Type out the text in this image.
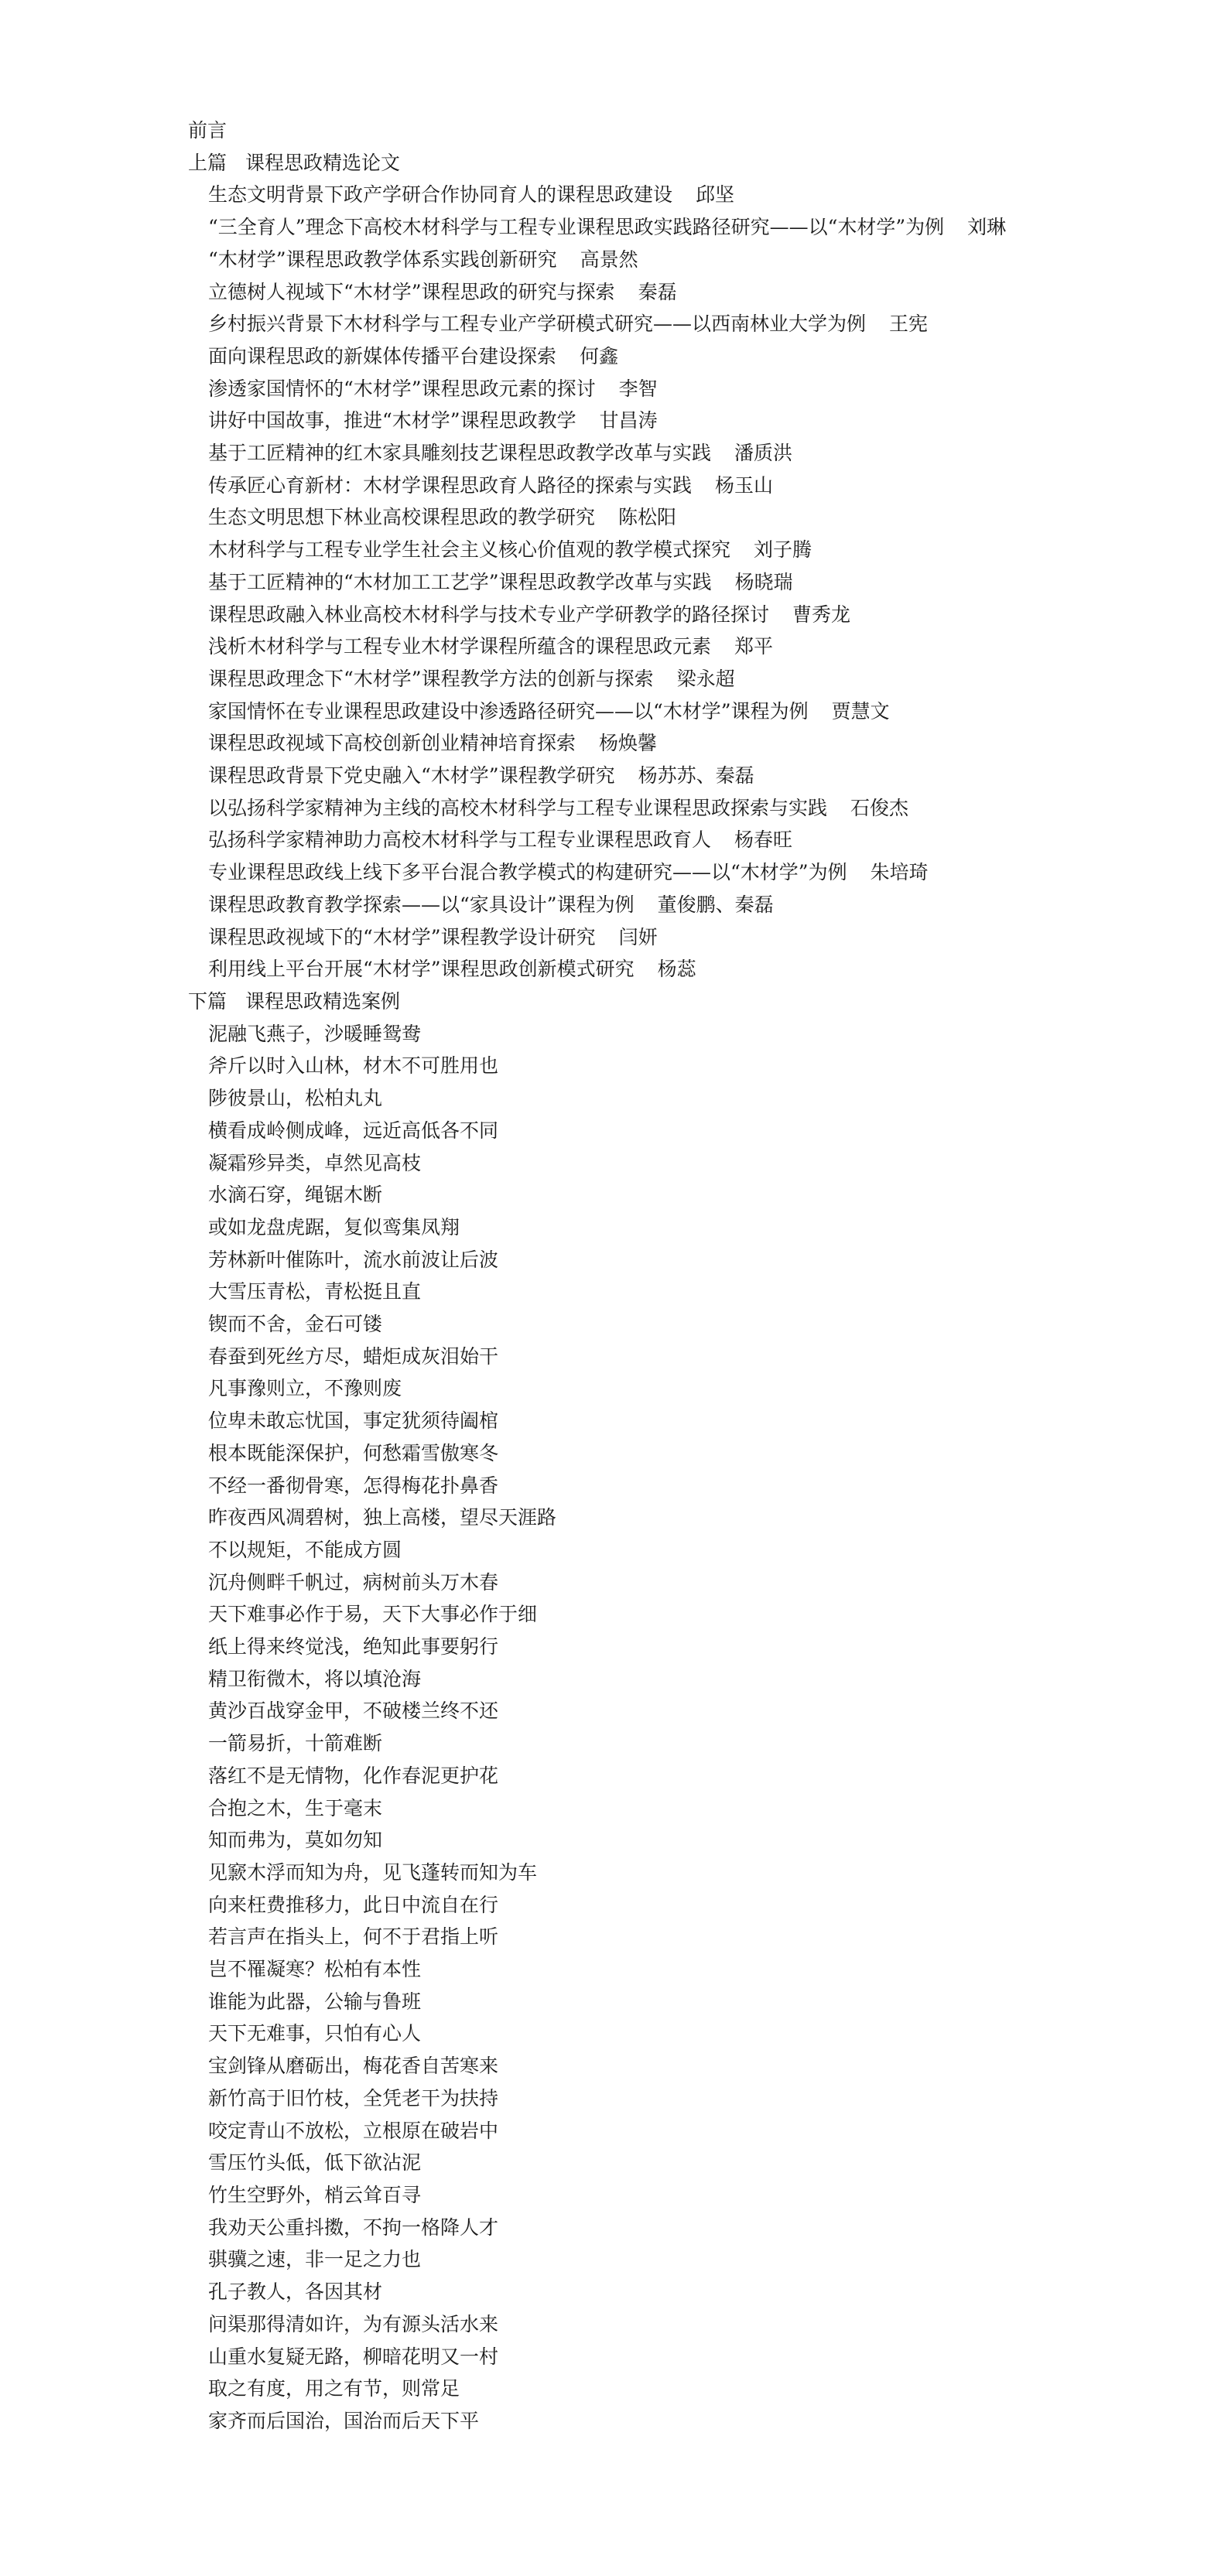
前言
上篇 课程思政精选论文
生态文明背景下政产学研合作协同育人的课程思政建设 邱坚
“三全育人”理念下高校木材科学与工程专业课程思政实践路径研究——以“木材学”为例 刘琳
“木材学”课程思政教学体系实践创新研究 高景然
立德树人视域下“木材学”课程思政的研究与探索 秦磊
乡村振兴背景下木材科学与工程专业产学研模式研究——以西南林业大学为例 王宪
面向课程思政的新媒体传播平台建设探索 何鑫
渗透家国情怀的“木材学”课程思政元素的探讨 李智
讲好中国故事，推进“木材学”课程思政教学 甘昌涛
基于工匠精神的红木家具雕刻技艺课程思政教学改革与实践 潘质洪
传承匠心育新材：木材学课程思政育人路径的探索与实践 杨玉山
生态文明思想下林业高校课程思政的教学研究 陈松阳
木材科学与工程专业学生社会主义核心价值观的教学模式探究 刘子腾
基于工匠精神的“木材加工工艺学”课程思政教学改革与实践 杨晓瑞
课程思政融入林业高校木材科学与技术专业产学研教学的路径探讨 曹秀龙
浅析木材科学与工程专业木材学课程所蕴含的课程思政元素 郑平
课程思政理念下“木材学”课程教学方法的创新与探索 梁永超
家国情怀在专业课程思政建设中渗透路径研究——以“木材学”课程为例 贾慧文
课程思政视域下高校创新创业精神培育探索 杨焕馨
课程思政背景下党史融入“木材学”课程教学研究 杨苏苏、秦磊
以弘扬科学家精神为主线的高校木材科学与工程专业课程思政探索与实践 石俊杰
弘扬科学家精神助力高校木材科学与工程专业课程思政育人 杨春旺
专业课程思政线上线下多平台混合教学模式的构建研究——以“木材学”为例 朱培琦
课程思政教育教学探索——以“家具设计”课程为例 董俊鹏、秦磊
课程思政视域下的“木材学”课程教学设计研究 闫妍
利用线上平台开展“木材学”课程思政创新模式研究 杨蕊
下篇 课程思政精选案例
泥融飞燕子，沙暖睡鸳鸯
斧斤以时入山林，材木不可胜用也
陟彼景山，松柏丸丸
横看成岭侧成峰，远近高低各不同
凝霜殄异类，卓然见高枝
水滴石穿，绳锯木断
或如龙盘虎踞，复似鸾集凤翔
芳林新叶催陈叶，流水前波让后波
大雪压青松，青松挺且直
锲而不舍，金石可镂
春蚕到死丝方尽，蜡炬成灰泪始干
凡事豫则立，不豫则废
位卑未敢忘忧国，事定犹须待阖棺
根本既能深保护，何愁霜雪傲寒冬
不经一番彻骨寒，怎得梅花扑鼻香
昨夜西风凋碧树，独上高楼，望尽天涯路
不以规矩，不能成方圆
沉舟侧畔千帆过，病树前头万木春
天下难事必作于易，天下大事必作于细
纸上得来终觉浅，绝知此事要躬行
精卫衔微木，将以填沧海
黄沙百战穿金甲，不破楼兰终不还
一箭易折，十箭难断
落红不是无情物，化作春泥更护花
合抱之木，生于毫末
知而弗为，莫如勿知
见窾木浮而知为舟，见飞蓬转而知为车
向来枉费推移力，此日中流自在行
若言声在指头上，何不于君指上听
岂不罹凝寒？松柏有本性
谁能为此器，公输与鲁班
天下无难事，只怕有心人
宝剑锋从磨砺出，梅花香自苦寒来
新竹高于旧竹枝，全凭老干为扶持
咬定青山不放松，立根原在破岩中
雪压竹头低，低下欲沾泥
竹生空野外，梢云耸百寻
我劝天公重抖擞，不拘一格降人才
骐骥之速，非一足之力也
孔子教人，各因其材
问渠那得清如许，为有源头活水来
山重水复疑无路，柳暗花明又一村
取之有度，用之有节，则常足
家齐而后国治，国治而后天下平
